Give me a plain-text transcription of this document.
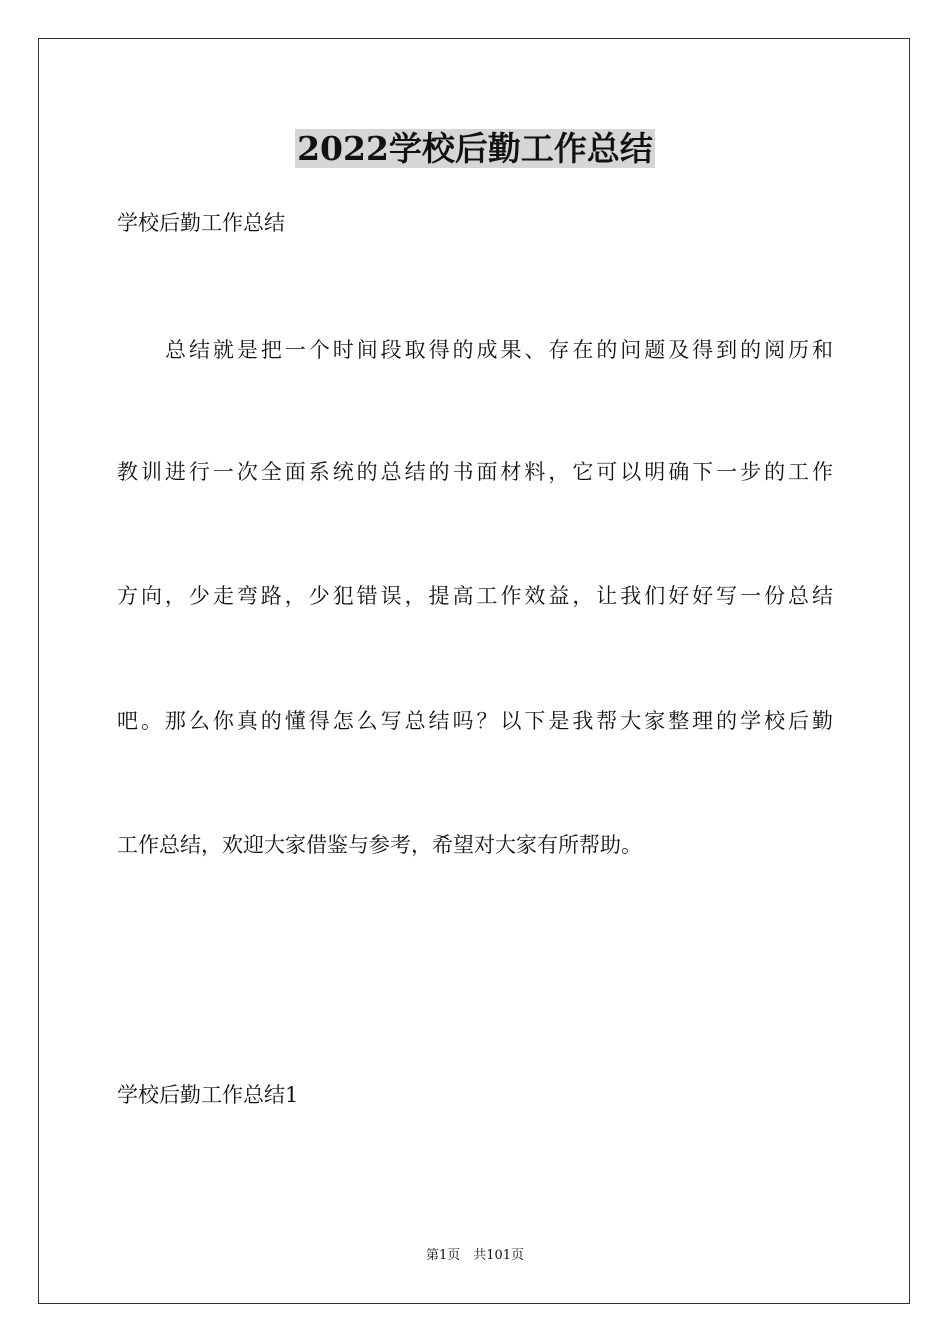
2022学校后勤工作总结
学校后勤工作总结
总结就是把一个时间段取得的成果、存在的问题及得到的阅历和
教训进行一次全面系统的总结的书面材料，它可以明确下一步的工作
方向，少走弯路，少犯错误，提高工作效益，让我们好好写一份总结
吧。那么你真的懂得怎么写总结吗？以下是我帮大家整理的学校后勤
工作总结，欢迎大家借鉴与参考，希望对大家有所帮助。
学校后勤工作总结1
第1页　共101页
